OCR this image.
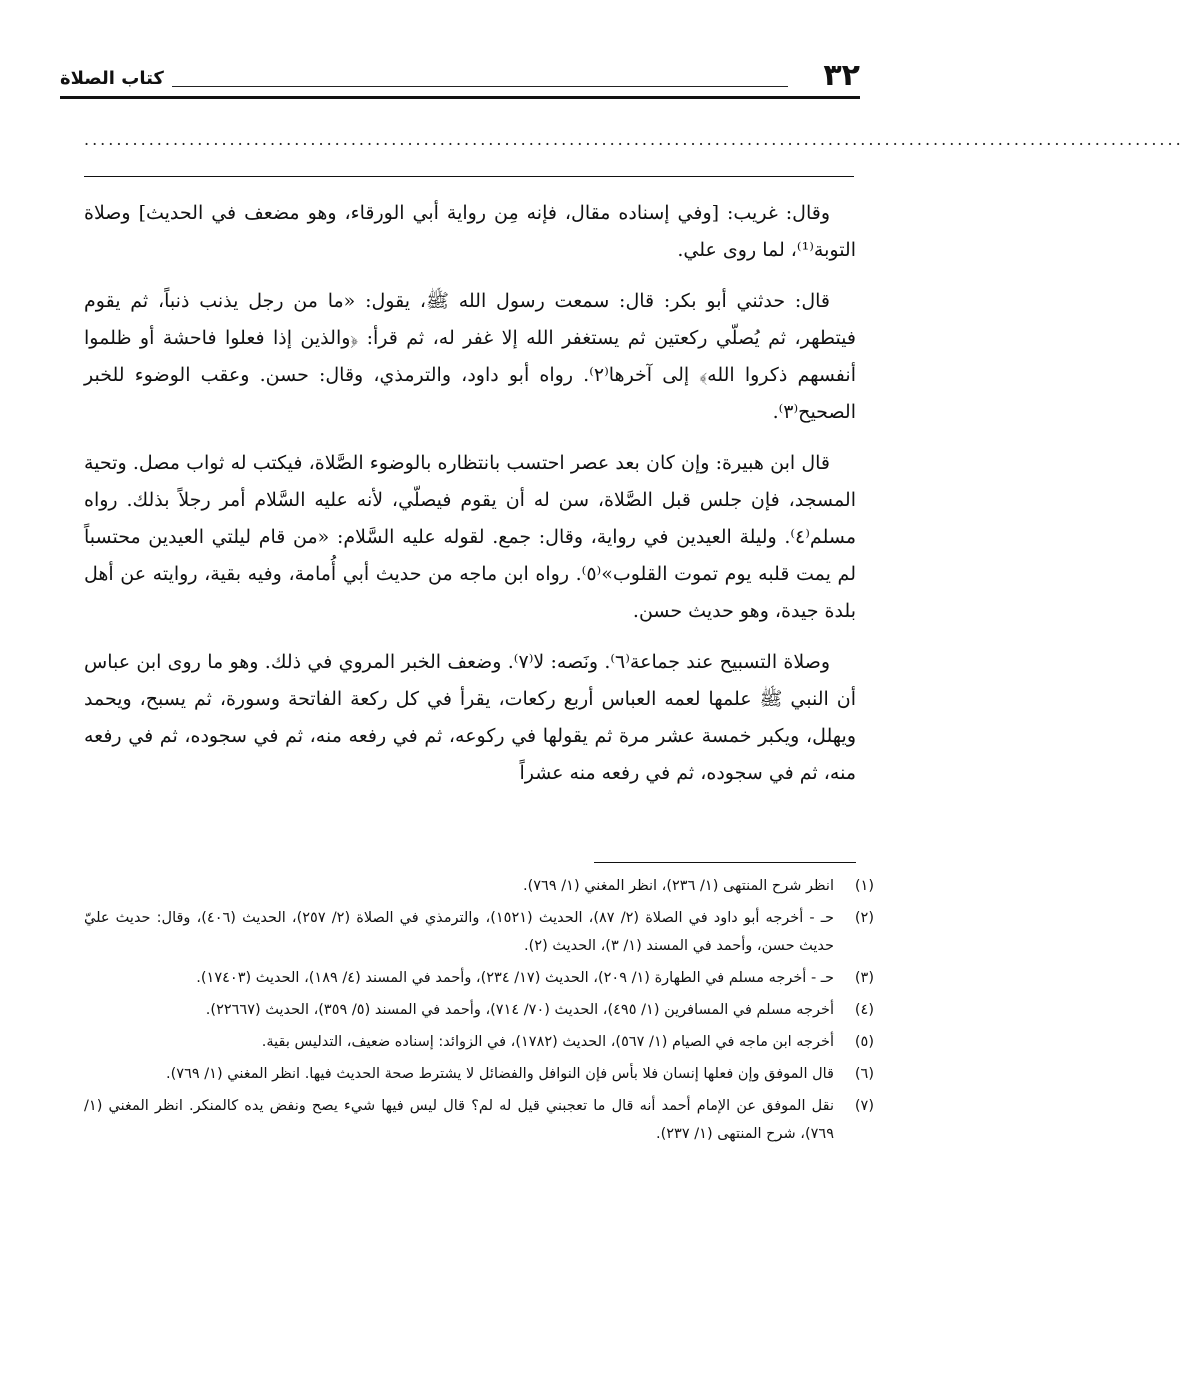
٣٢
كتاب الصلاة
........................................................................................................................................

وقال: غريب: [وفي إسناده مقال، فإنه مِن رواية أبي الورقاء، وهو مضعف في الحديث] وصلاة التوبة⁽¹⁾، لما روى علي.

قال: حدثني أبو بكر: قال: سمعت رسول الله ﷺ، يقول: «ما من رجل يذنب ذنباً، ثم يقوم فيتطهر، ثم يُصلّي ركعتين ثم يستغفر الله إلا غفر له، ثم قرأ: ﴿والذين إذا فعلوا فاحشة أو ظلموا أنفسهم ذكروا الله﴾ إلى آخرها⁽٢⁾. رواه أبو داود، والترمذي، وقال: حسن. وعقب الوضوء للخبر الصحيح⁽٣⁾.

قال ابن هبيرة: وإن كان بعد عصر احتسب بانتظاره بالوضوء الصَّلاة، فيكتب له ثواب مصل. وتحية المسجد، فإن جلس قبل الصَّلاة، سن له أن يقوم فيصلّي، لأنه عليه السَّلام أمر رجلاً بذلك. رواه مسلم⁽٤⁾. وليلة العيدين في رواية، وقال: جمع. لقوله عليه السَّلام: «من قام ليلتي العيدين محتسباً لم يمت قلبه يوم تموت القلوب»⁽٥⁾. رواه ابن ماجه من حديث أبي أُمامة، وفيه بقية، روايته عن أهل بلدة جيدة، وهو حديث حسن.

وصلاة التسبيح عند جماعة⁽٦⁾. ونَصه: لا⁽٧⁾. وضعف الخبر المروي في ذلك. وهو ما روى ابن عباس أن النبي ﷺ علمها لعمه العباس أربع ركعات، يقرأ في كل ركعة الفاتحة وسورة، ثم يسبح، ويحمد ويهلل، ويكبر خمسة عشر مرة ثم يقولها في ركوعه، ثم في رفعه منه، ثم في سجوده، ثم في رفعه منه، ثم في سجوده، ثم في رفعه منه عشراً

(١)
انظر شرح المنتهى (١/ ٢٣٦)، انظر المغني (١/ ٧٦٩).
(٢)
حـ - أخرجه أبو داود في الصلاة (٢/ ٨٧)، الحديث (١٥٢١)، والترمذي في الصلاة (٢/ ٢٥٧)، الحديث (٤٠٦)، وقال: حديث عليّ حديث حسن، وأحمد في المسند (١/ ٣)، الحديث (٢).
(٣)
حـ - أخرجه مسلم في الطهارة (١/ ٢٠٩)، الحديث (١٧/ ٢٣٤)، وأحمد في المسند (٤/ ١٨٩)، الحديث (١٧٤٠٣).
(٤)
أخرجه مسلم في المسافرين (١/ ٤٩٥)، الحديث (٧٠/ ٧١٤)، وأحمد في المسند (٥/ ٣٥٩)، الحديث (٢٢٦٦٧).
(٥)
أخرجه ابن ماجه في الصيام (١/ ٥٦٧)، الحديث (١٧٨٢)، في الزوائد: إسناده ضعيف، التدليس بقية.
(٦)
قال الموفق وإن فعلها إنسان فلا بأس فإن النوافل والفضائل لا يشترط صحة الحديث فيها. انظر المغني (١/ ٧٦٩).
(٧)
نقل الموفق عن الإمام أحمد أنه قال ما تعجبني قيل له لم؟ قال ليس فيها شيء يصح ونفض يده كالمنكر. انظر المغني (١/ ٧٦٩)، شرح المنتهى (١/ ٢٣٧).
